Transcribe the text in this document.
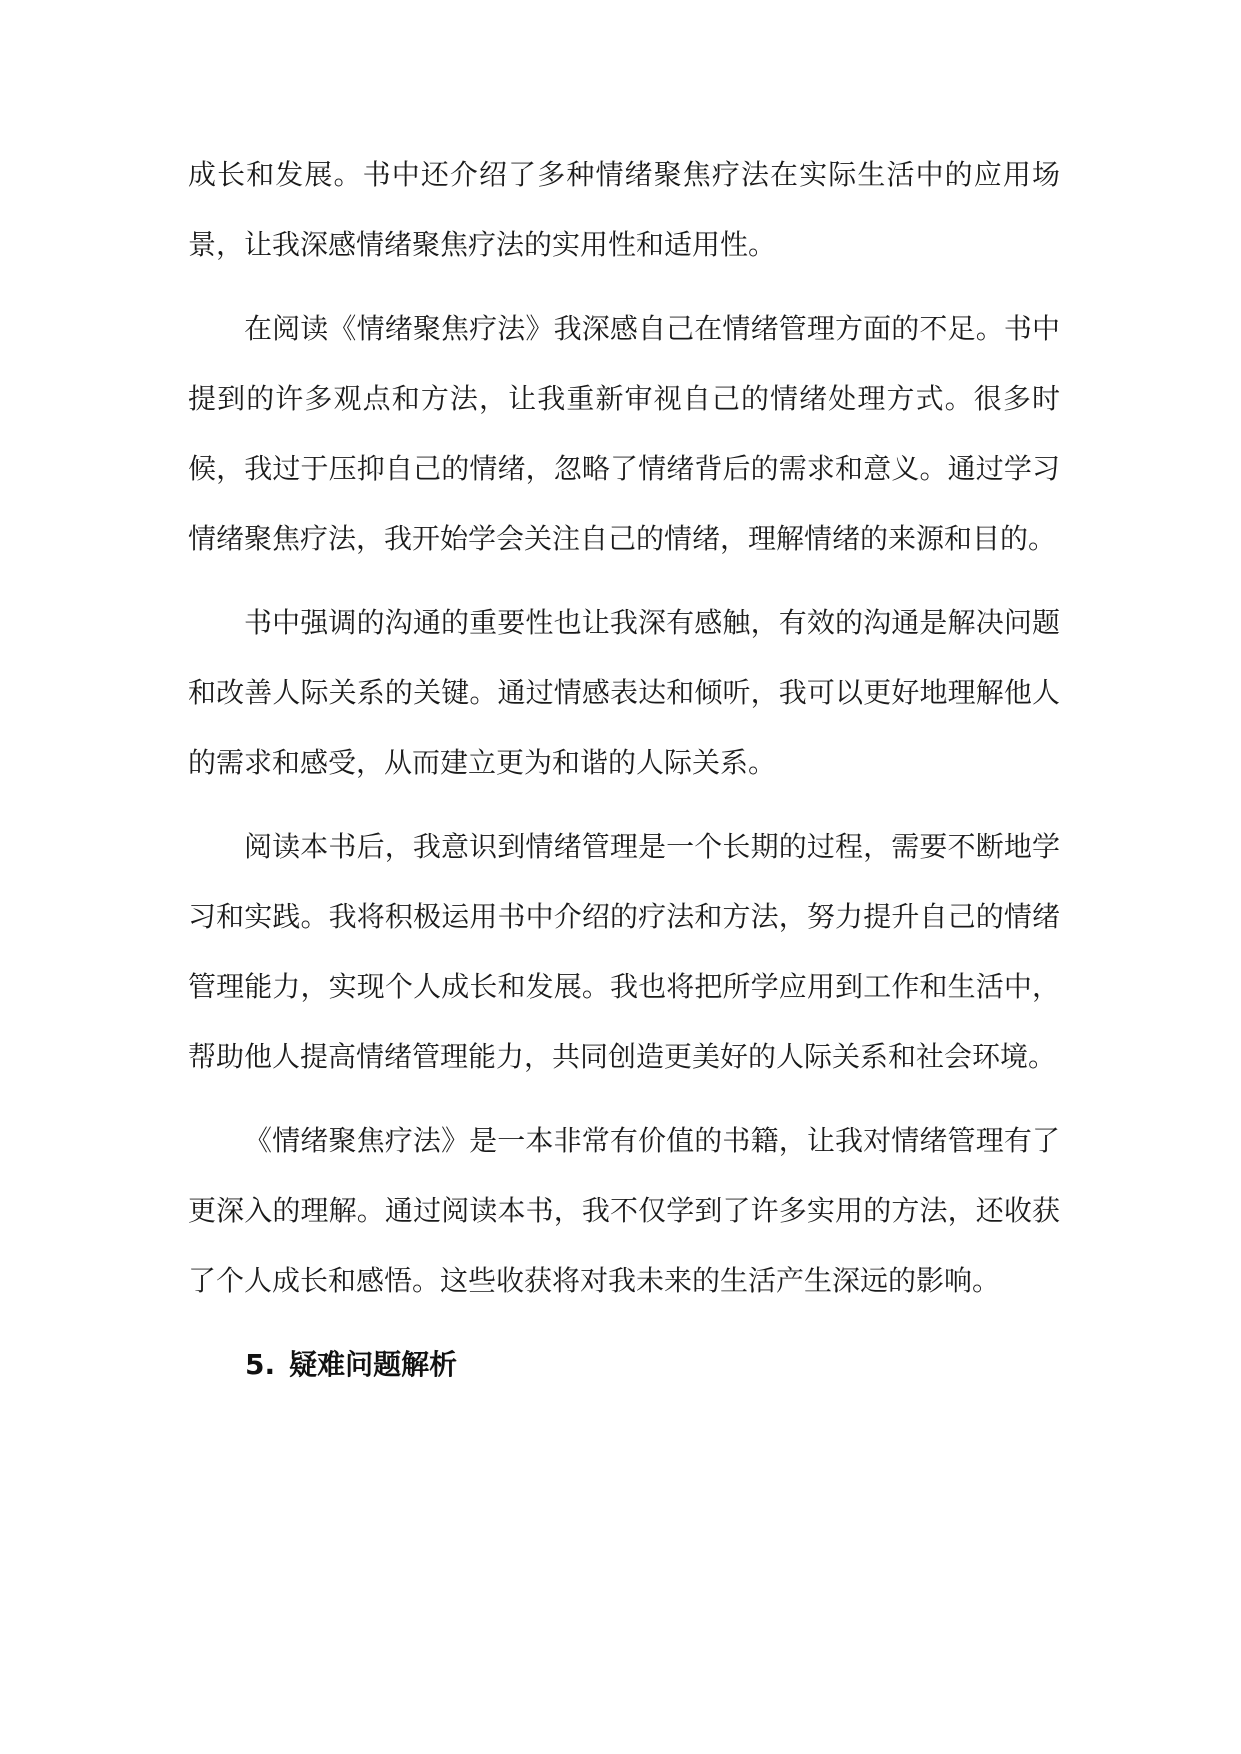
成长和发展。书中还介绍了多种情绪聚焦疗法在实际生活中的应用场景，让我深感情绪聚焦疗法的实用性和适用性。

在阅读《情绪聚焦疗法》我深感自己在情绪管理方面的不足。书中提到的许多观点和方法，让我重新审视自己的情绪处理方式。很多时候，我过于压抑自己的情绪，忽略了情绪背后的需求和意义。通过学习情绪聚焦疗法，我开始学会关注自己的情绪，理解情绪的来源和目的。

书中强调的沟通的重要性也让我深有感触，有效的沟通是解决问题和改善人际关系的关键。通过情感表达和倾听，我可以更好地理解他人的需求和感受，从而建立更为和谐的人际关系。

阅读本书后，我意识到情绪管理是一个长期的过程，需要不断地学习和实践。我将积极运用书中介绍的疗法和方法，努力提升自己的情绪管理能力，实现个人成长和发展。我也将把所学应用到工作和生活中，帮助他人提高情绪管理能力，共同创造更美好的人际关系和社会环境。

《情绪聚焦疗法》是一本非常有价值的书籍，让我对情绪管理有了更深入的理解。通过阅读本书，我不仅学到了许多实用的方法，还收获了个人成长和感悟。这些收获将对我未来的生活产生深远的影响。

5. 疑难问题解析
